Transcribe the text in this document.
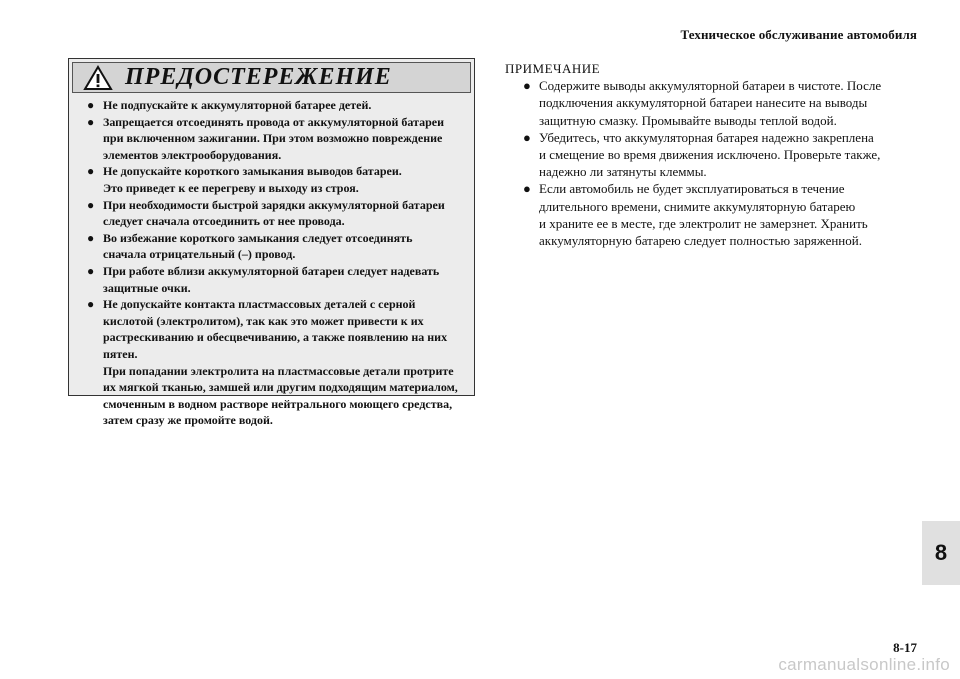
Техническое обслуживание автомобиля
ПРЕДОСТЕРЕЖЕНИЕ
● Не подпускайте к аккумуляторной батарее детей.
● Запрещается отсоединять провода от аккумуляторной батареи
при включенном зажигании. При этом возможно повреждение
элементов электрооборудования.
● Не допускайте короткого замыкания выводов батареи.
Это приведет к ее перегреву и выходу из строя.
● При необходимости быстрой зарядки аккумуляторной батареи
следует сначала отсоединить от нее провода.
● Во избежание короткого замыкания следует отсоединять
сначала отрицательный (–) провод.
● При работе вблизи аккумуляторной батареи следует надевать
защитные очки.
● Не допускайте контакта пластмассовых деталей с серной
кислотой (электролитом), так как это может привести к их
растрескиванию и обесцвечиванию, а также появлению на них
пятен.
При попадании электролита на пластмассовые детали протрите
их мягкой тканью, замшей или другим подходящим материалом,
смоченным в водном растворе нейтрального моющего средства,
затем сразу же промойте водой.
ПРИМЕЧАНИЕ
● Содержите выводы аккумуляторной батареи в чистоте. После
подключения аккумуляторной батареи нанесите на выводы
защитную смазку. Промывайте выводы теплой водой.
● Убедитесь, что аккумуляторная батарея надежно закреплена
и смещение во время движения исключено. Проверьте также,
надежно ли затянуты клеммы.
● Если автомобиль не будет эксплуатироваться в течение
длительного времени, снимите аккумуляторную батарею
и храните ее в месте, где электролит не замерзнет. Хранить
аккумуляторную батарею следует полностью заряженной.
8
8-17
carmanualsonline.info
